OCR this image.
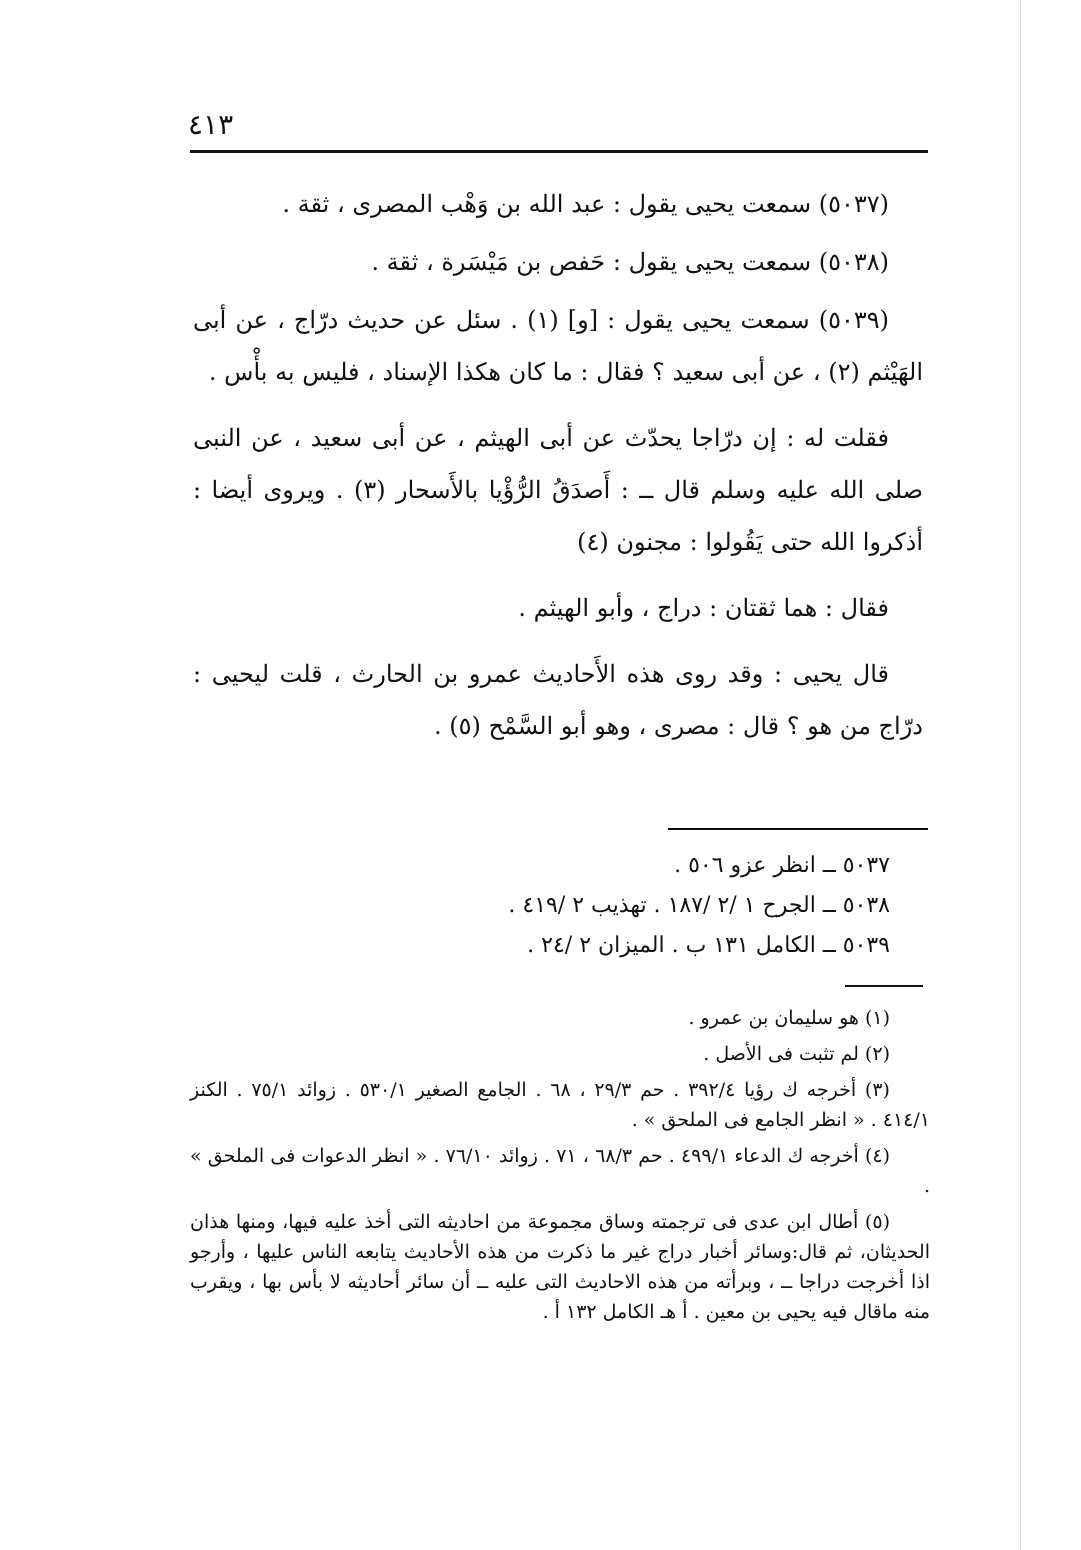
٤١٣

(٥٠٣٧) سمعت يحيى يقول : عبد الله بن وَهْب المصرى ، ثقة .

(٥٠٣٨) سمعت يحيى يقول : حَفص بن مَيْسَرة ، ثقة .

(٥٠٣٩) سمعت يحيى يقول : [و] (١) . سئل عن حديث درّاج ، عن أبى الهَيْثم (٢) ، عن أبى سعيد ؟ فقال : ما كان هكذا الإسناد ، فليس به بأْس .

فقلت له : إن درّاجا يحدّث عن أبى الهيثم ، عن أبى سعيد ، عن النبى صلى الله عليه وسلم قال ــ : أَصدَقُ الرُّؤْيا بالأَسحار (٣) . ويروى أيضا : أذكروا الله حتى يَقُولوا : مجنون (٤)

فقال : هما ثقتان : دراج ، وأبو الهيثم .

قال يحيى : وقد روى هذه الأَحاديث عمرو بن الحارث ، قلت ليحيى : درّاج من هو ؟ قال : مصرى ، وهو أبو السَّمْح (٥) .

٥٠٣٧ ــ انظر عزو ٥٠٦ .
٥٠٣٨ ــ الجرح ١ /٢ /١٨٧ . تهذيب ٢ /٤١٩ .
٥٠٣٩ ــ الكامل ١٣١ ب . الميزان ٢ /٢٤ .

(١) هو سليمان بن عمرو .

(٢) لم تثبت فى الأصل .

(٣) أخرجه ك رؤيا ٣٩٢/٤ . حم ٢٩/٣ ، ٦٨ . الجامع الصغير ٥٣٠/١ . زوائد ٧٥/١ . الكنز ٤١٤/١ . « انظر الجامع فى الملحق » .

(٤) أخرجه ك الدعاء ٤٩٩/١ . حم ٦٨/٣ ، ٧١ . زوائد ٧٦/١٠ . « انظر الدعوات فى الملحق » .

(٥) أطال ابن عدى فى ترجمته وساق مجموعة من احاديثه التى أخذ عليه فيها، ومنها هذان الحديثان، ثم قال:وسائر أخبار دراج غير ما ذكرت من هذه الأحاديث يتابعه الناس عليها ، وأرجو اذا أخرجت دراجا ــ ، وبرأته من هذه الاحاديث التى عليه ــ أن سائر أحاديثه لا بأس بها ، ويقرب منه ماقال فيه يحيى بن معين . أ هـ الكامل ١٣٢ أ .
